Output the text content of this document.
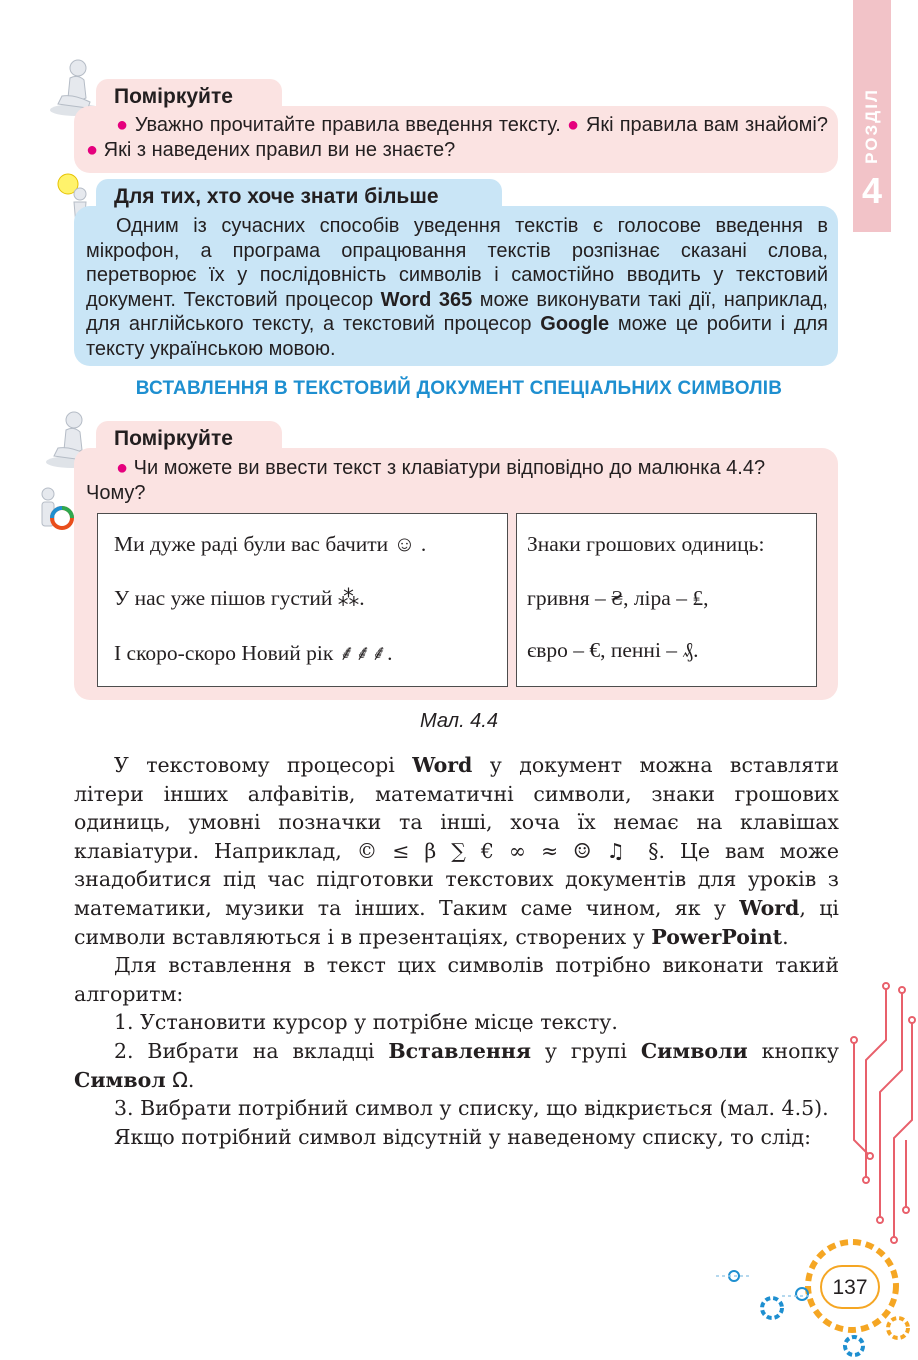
РОЗДІЛ
4
Поміркуйте
● Уважно прочитайте правила введення тексту. ● Які правила вам знайомі? ● Які з наведених правил ви не знаєте?
Для тих, хто хоче знати більше
Одним із сучасних способів уведення текстів є голосове введення в мікрофон, а програма опрацювання текстів розпізнає сказані слова, перетворює їх у послідовність символів і самостійно вводить у текстовий документ. Текстовий процесор Word 365 може виконувати такі дії, наприклад, для англійського тексту, а текстовий процесор Google може це робити і для тексту українською мовою.
ВСТАВЛЕННЯ В ТЕКСТОВИЙ ДОКУМЕНТ СПЕЦІАЛЬНИХ СИМВОЛІВ
Поміркуйте
● Чи можете ви ввести текст з клавіатури відповідно до малюнка 4.4? Чому?
Ми дуже раді були вас бачити ☺ .
У нас уже пішов густий ⁂.
І скоро-скоро Новий рік ⸙⸙⸙.
Знаки грошових одиниць:
гривня – ₴, ліра – ₤,
євро – €, пенні – ₰.
Мал. 4.4

У текстовому процесорі Word у документ можна вставляти літери інших алфавітів, математичні символи, знаки грошових одиниць, умовні позначки та інші, хоча їх немає на клавішах клавіатури. Наприклад, © ≤ β ∑ € ∞ ≈ ☺ ♫ §. Це вам може знадобитися під час підготовки текстових документів для уроків з математики, музики та інших. Таким саме чином, як у Word, ці символи вставляються і в презентаціях, створених у PowerPoint.

Для вставлення в текст цих символів потрібно виконати такий алгоритм:

1. Установити курсор у потрібне місце тексту.

2. Вибрати на вкладці Вставлення у групі Символи кнопку Символ Ω.

3. Вибрати потрібний символ у списку, що відкриється (мал. 4.5).

Якщо потрібний символ відсутній у наведеному списку, то слід:

137
